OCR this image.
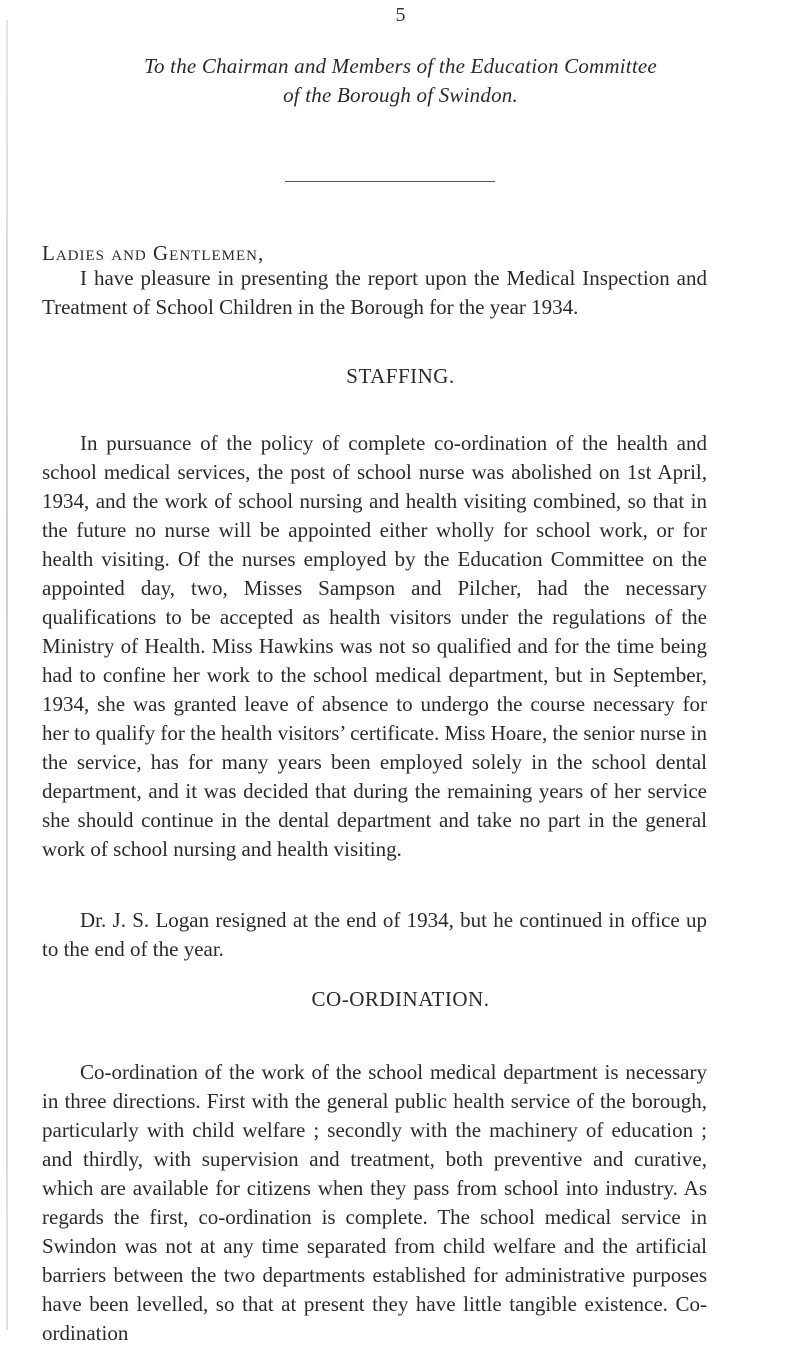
5
To the Chairman and Members of the Education Committee
of the Borough of Swindon.
Ladies and Gentlemen,

I have pleasure in presenting the report upon the Medical Inspection and Treatment of School Children in the Borough for the year 1934.

STAFFING.

In pursuance of the policy of complete co-ordination of the health and school medical services, the post of school nurse was abolished on 1st April, 1934, and the work of school nursing and health visiting combined, so that in the future no nurse will be appointed either wholly for school work, or for health visiting. Of the nurses employed by the Education Committee on the appointed day, two, Misses Sampson and Pilcher, had the necessary qualifications to be accepted as health visitors under the regulations of the Ministry of Health. Miss Hawkins was not so qualified and for the time being had to confine her work to the school medical department, but in September, 1934, she was granted leave of absence to undergo the course necessary for her to qualify for the health visitors’ certificate. Miss Hoare, the senior nurse in the service, has for many years been employed solely in the school dental department, and it was decided that during the remaining years of her service she should continue in the dental department and take no part in the general work of school nursing and health visiting.

Dr. J. S. Logan resigned at the end of 1934, but he continued in office up to the end of the year.

CO-ORDINATION.

Co-ordination of the work of the school medical department is necessary in three directions. First with the general public health service of the borough, particularly with child welfare ; secondly with the machinery of education ; and thirdly, with supervision and treatment, both preventive and curative, which are available for citizens when they pass from school into industry. As regards the first, co-ordination is complete. The school medical service in Swindon was not at any time separated from child welfare and the artificial barriers between the two departments established for administrative purposes have been levelled, so that at present they have little tangible existence. Co-ordination
